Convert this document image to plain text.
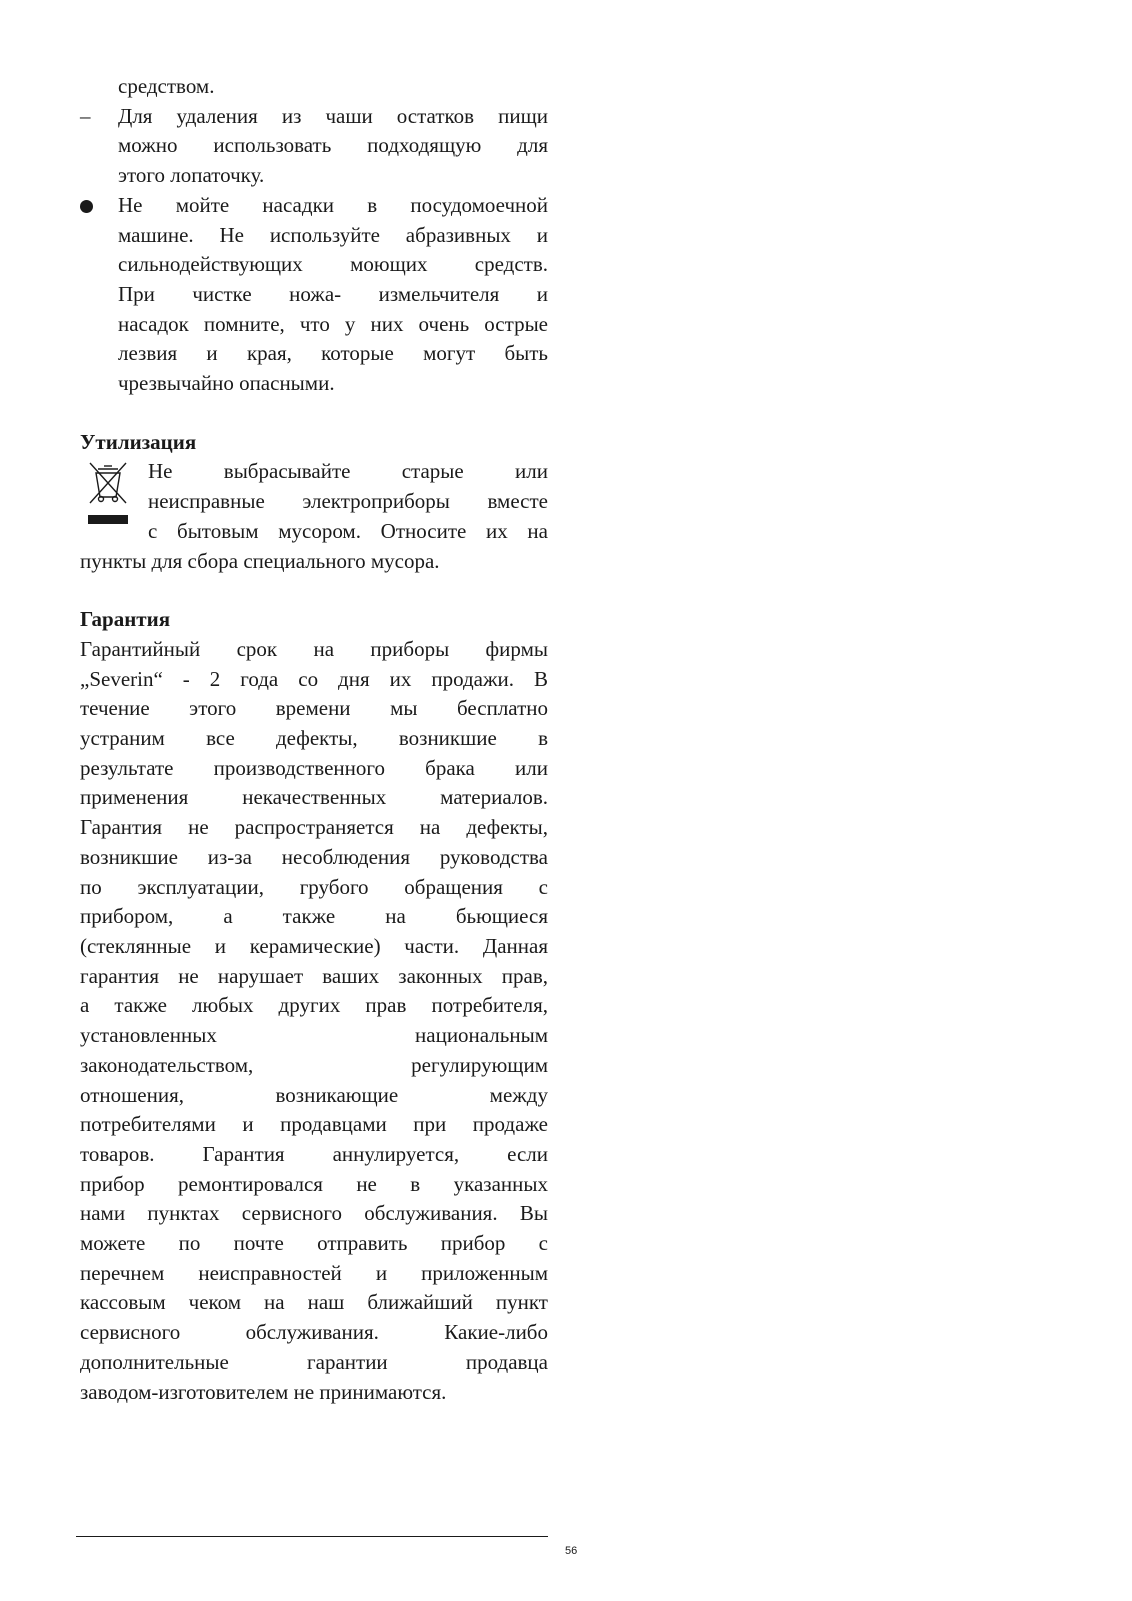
средством.
–	Для удаления из чаши остатков пищи
можно использовать подходящую для
этого лопаточку.
Не мойте насадки в посудомоечной
машине. Не используйте абразивных и
сильнодействующих моющих средств.
При чистке ножа- измельчителя и
насадок помните, что у них очень острые
лезвия и края, которые могут быть
чрезвычайно опасными.
Утилизация
Не выбрасывайте старые или
неисправные электроприборы вместе
с бытовым мусором. Относите их на
пункты для сбора специального мусора.
Гарантия
Гарантийный срок на приборы фирмы
„Severin“ - 2 года со дня их продажи. В
течение этого времени мы бесплатно
устраним все дефекты, возникшие в
результате производственного брака или
применения некачественных материалов.
Гарантия не распространяется на дефекты,
возникшие из-за несоблюдения руководства
по эксплуатации, грубого обращения с
прибором, а также на бьющиеся
(стеклянные и керамические) части. Данная
гарантия не нарушает ваших законных прав,
а также любых других прав потребителя,
установленных национальным
законодательством, регулирующим
отношения, возникающие между
потребителями и продавцами при продаже
товаров. Гарантия аннулируется, если
прибор ремонтировался не в указанных
нами пунктах сервисного обслуживания. Вы
можете по почте отправить прибор с
перечнем неисправностей и приложенным
кассовым чеком на наш ближайший пункт
сервисного обслуживания. Какие-либо
дополнительные гарантии продавца
заводом-изготовителем не принимаются.
56
